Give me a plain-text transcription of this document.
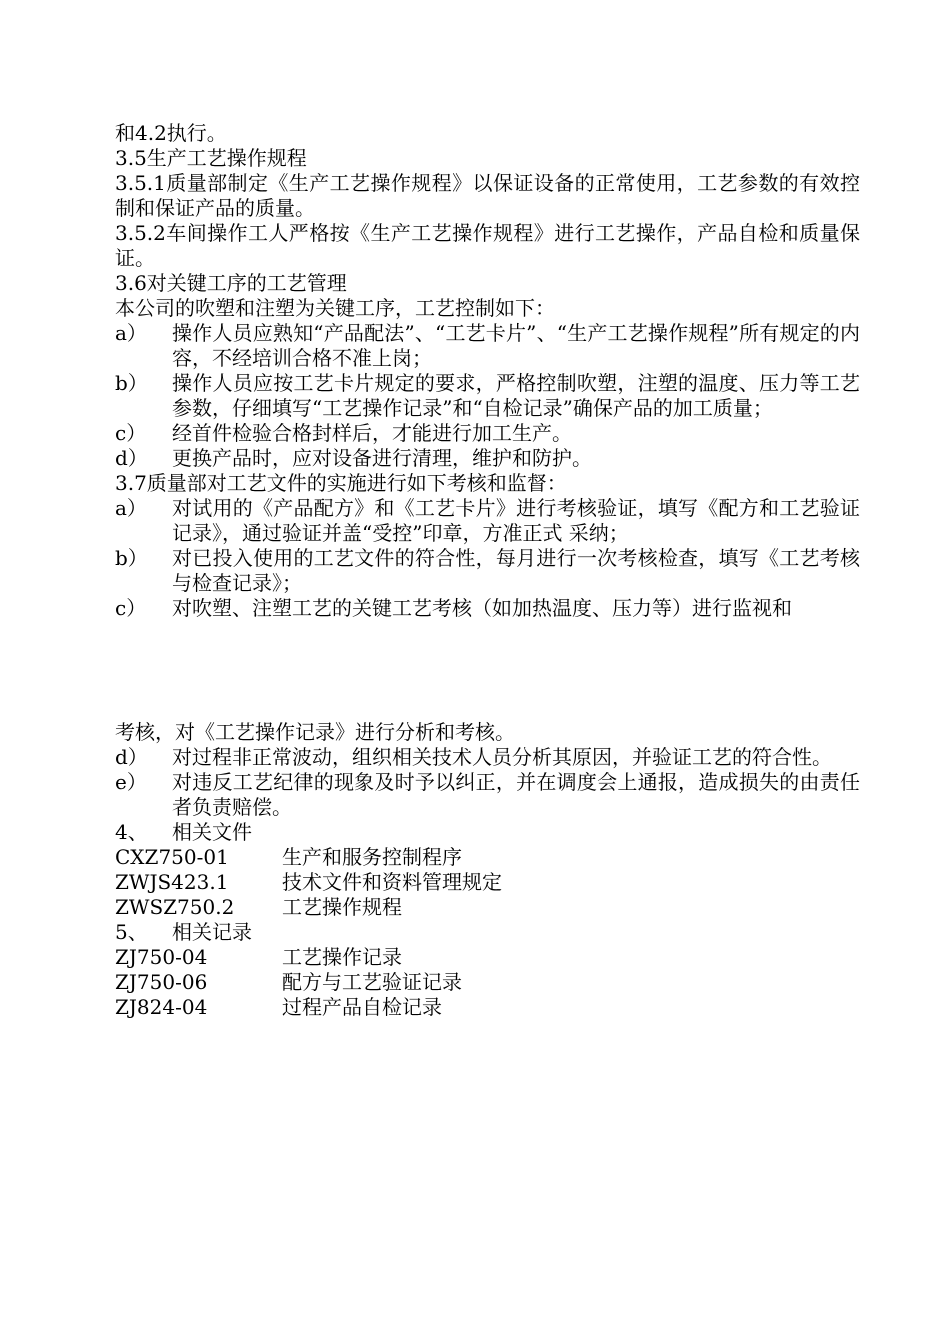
和4.2执行。
3.5生产工艺操作规程
3.5.1质量部制定《生产工艺操作规程》以保证设备的正常使用，工艺参数的有效控制和保证产品的质量。
3.5.2车间操作工人严格按《生产工艺操作规程》进行工艺操作，产品自检和质量保证。
3.6对关键工序的工艺管理
本公司的吹塑和注塑为关键工序，工艺控制如下：
a）	操作人员应熟知“产品配法”、“工艺卡片”、“生产工艺操作规程”所有规定的内容，不经培训合格不准上岗；
b）	操作人员应按工艺卡片规定的要求，严格控制吹塑，注塑的温度、压力等工艺参数，仔细填写“工艺操作记录”和“自检记录”确保产品的加工质量；
c）	经首件检验合格封样后，才能进行加工生产。
d）	更换产品时，应对设备进行清理，维护和防护。
3.7质量部对工艺文件的实施进行如下考核和监督：
a）	对试用的《产品配方》和《工艺卡片》进行考核验证，填写《配方和工艺验证记录》，通过验证并盖“受控”印章，方准正式 采纳；
b）	对已投入使用的工艺文件的符合性，每月进行一次考核检查，填写《工艺考核与检查记录》；
c）	对吹塑、注塑工艺的关键工艺考核（如加热温度、压力等）进行监视和
考核，对《工艺操作记录》进行分析和考核。
d）	对过程非正常波动，组织相关技术人员分析其原因，并验证工艺的符合性。
e）	对违反工艺纪律的现象及时予以纠正，并在调度会上通报，造成损失的由责任者负责赔偿。
4、 相关文件
CXZ750-01	生产和服务控制程序
ZWJS423.1	技术文件和资料管理规定
ZWSZ750.2	工艺操作规程
5、 相关记录
ZJ750-04	工艺操作记录
ZJ750-06	配方与工艺验证记录
ZJ824-04	过程产品自检记录
